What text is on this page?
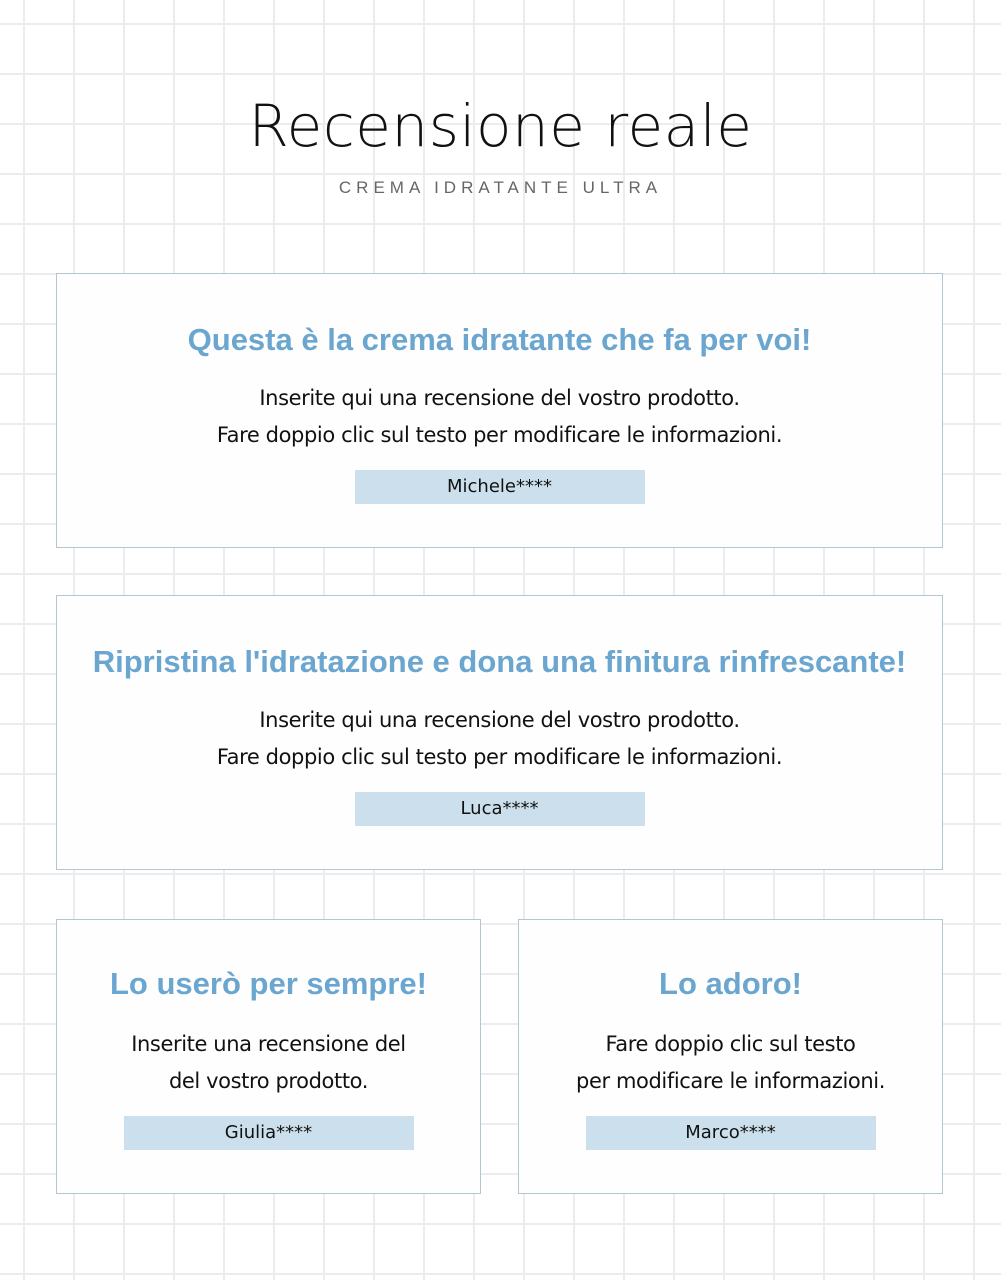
Recensione reale
CREMA IDRATANTE ULTRA
Questa è la crema idratante che fa per voi!

Inserite qui una recensione del vostro prodotto.
Fare doppio clic sul testo per modificare le informazioni.

Michele****
Ripristina l'idratazione e dona una finitura rinfrescante!

Inserite qui una recensione del vostro prodotto.
Fare doppio clic sul testo per modificare le informazioni.

Luca****
Lo userò per sempre!

Inserite una recensione del
del vostro prodotto.

Giulia****
Lo adoro!

Fare doppio clic sul testo
per modificare le informazioni.

Marco****
